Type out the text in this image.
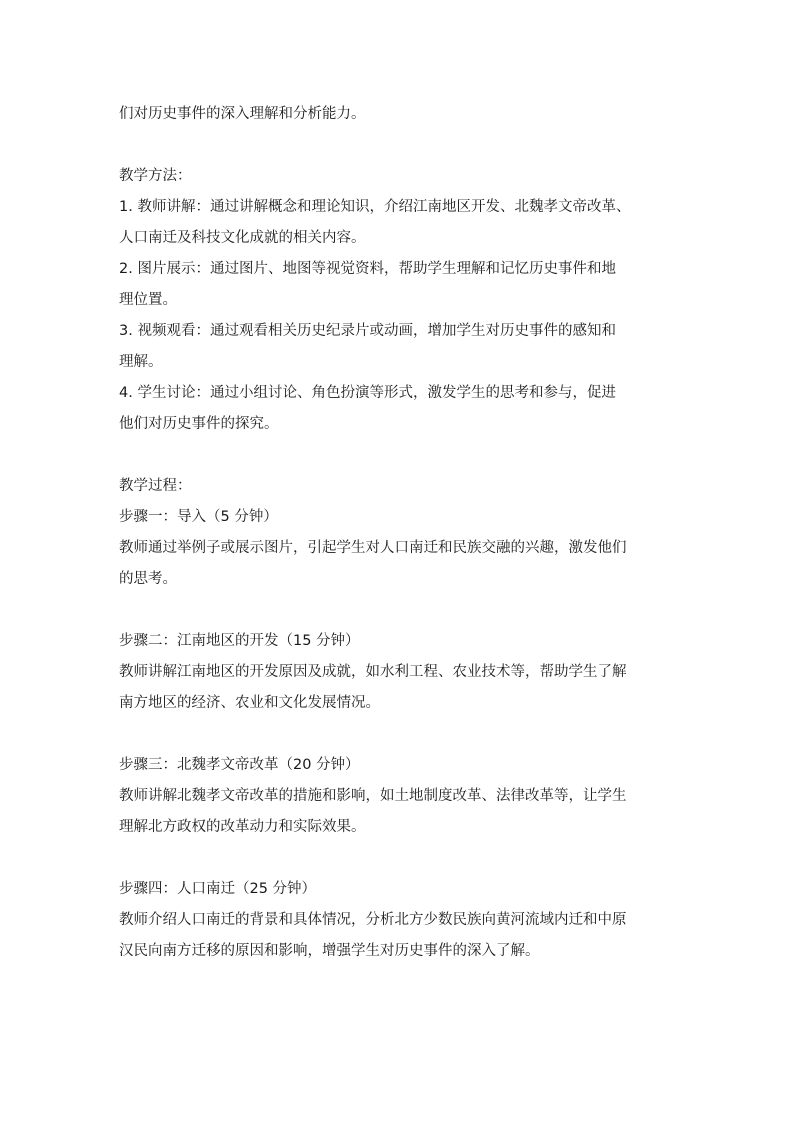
们对历史事件的深入理解和分析能力。
教学方法：
1. 教师讲解：通过讲解概念和理论知识，介绍江南地区开发、北魏孝文帝改革、
人口南迁及科技文化成就的相关内容。
2. 图片展示：通过图片、地图等视觉资料，帮助学生理解和记忆历史事件和地
理位置。
3. 视频观看：通过观看相关历史纪录片或动画，增加学生对历史事件的感知和
理解。
4. 学生讨论：通过小组讨论、角色扮演等形式，激发学生的思考和参与，促进
他们对历史事件的探究。
教学过程：
步骤一：导入（5 分钟）
教师通过举例子或展示图片，引起学生对人口南迁和民族交融的兴趣，激发他们
的思考。
步骤二：江南地区的开发（15 分钟）
教师讲解江南地区的开发原因及成就，如水利工程、农业技术等，帮助学生了解
南方地区的经济、农业和文化发展情况。
步骤三：北魏孝文帝改革（20 分钟）
教师讲解北魏孝文帝改革的措施和影响，如土地制度改革、法律改革等，让学生
理解北方政权的改革动力和实际效果。
步骤四：人口南迁（25 分钟）
教师介绍人口南迁的背景和具体情况，分析北方少数民族向黄河流域内迁和中原
汉民向南方迁移的原因和影响，增强学生对历史事件的深入了解。
